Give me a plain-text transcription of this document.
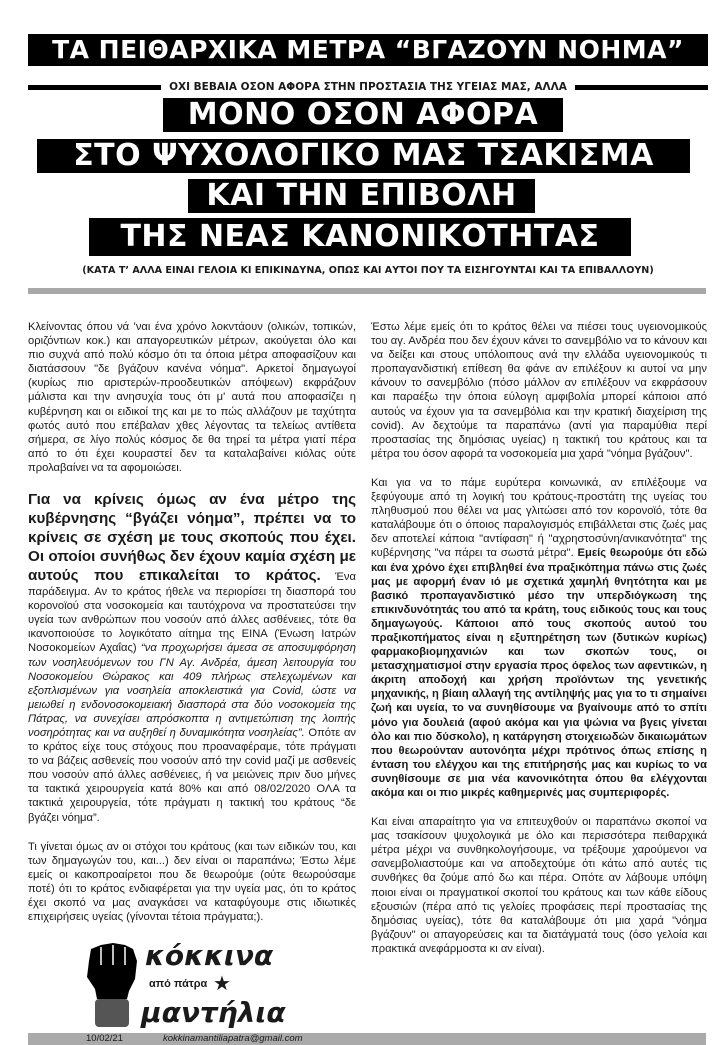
ΤΑ ΠΕΙΘΑΡΧΙΚΑ ΜΕΤΡΑ “ΒΓΑΖΟΥΝ ΝΟΗΜΑ”
ΟΧΙ ΒΕΒΑΙΑ ΟΣΟΝ ΑΦΟΡΑ ΣΤΗΝ ΠΡΟΣΤΑΣΙΑ ΤΗΣ ΥΓΕΙΑΣ ΜΑΣ, ΑΛΛΑ
ΜΟΝΟ ΟΣΟΝ ΑΦΟΡΑ
ΣΤΟ ΨΥΧΟΛΟΓΙΚΟ ΜΑΣ ΤΣΑΚΙΣΜΑ
ΚΑΙ ΤΗΝ ΕΠΙΒΟΛΗ
ΤΗΣ ΝΕΑΣ ΚΑΝΟΝΙΚΟΤΗΤΑΣ
(ΚΑΤΑ Τ’ ΑΛΛΑ ΕΙΝΑΙ ΓΕΛΟΙΑ ΚΙ ΕΠΙΚΙΝΔΥΝΑ, ΟΠΩΣ ΚΑΙ ΑΥΤΟΙ ΠΟΥ ΤΑ ΕΙΣΗΓΟΥΝΤΑΙ ΚΑΙ ΤΑ ΕΠΙΒΑΛΛΟΥΝ)

Κλείνοντας όπου νά 'ναι ένα χρόνο λοκντάουν (ολικών, τοπικών, οριζόντιων κοκ.) και απαγορευτικών μέτρων, ακούγεται όλο και πιο συχνά από πολύ κόσμο ότι τα όποια μέτρα αποφασίζουν και διατάσσουν "δε βγάζουν κανένα νόημα". Αρκετοί δημαγωγοί (κυρίως πιο αριστερών-προοδευτικών απόψεων) εκφράζουν μάλιστα και την ανησυχία τους ότι μ' αυτά που αποφασίζει η κυβέρνηση και οι ειδικοί της και με το πώς αλλάζουν με ταχύτητα φωτός αυτό που επέβαλαν χθες λέγοντας τα τελείως αντίθετα σήμερα, σε λίγο πολύς κόσμος δε θα τηρεί τα μέτρα γιατί πέρα από το ότι έχει κουραστεί δεν τα καταλαβαίνει κιόλας ούτε προλαβαίνει να τα αφομοιώσει.

Για να κρίνεις όμως αν ένα μέτρο της κυβέρνησης “βγάζει νόημα”, πρέπει να το κρίνεις σε σχέση με τους σκοπούς που έχει. Οι οποίοι συνήθως δεν έχουν καμία σχέση με αυτούς που επικαλείται το κράτος. Ένα παράδειγμα. Αν το κράτος ήθελε να περιορίσει τη διασπορά του κορονοϊού στα νοσοκομεία και ταυτόχρονα να προστατεύσει την υγεία των ανθρώπων που νοσούν από άλλες ασθένειες, τότε θα ικανοποιούσε το λογικότατο αίτημα της ΕΙΝΑ (Ένωση Ιατρών Νοσοκομείων Αχαΐας) “να προχωρήσει άμεσα σε αποσυμφόρηση των νοσηλευόμενων του ΓΝ Αγ. Ανδρέα, άμεση λειτουργία του Νοσοκομείου Θώρακος και 409 πλήρως στελεχωμένων και εξοπλισμένων για νοσηλεία αποκλειστικά για Covid, ώστε να μειωθεί η ενδονοσοκομειακή διασπορά στα δύο νοσοκομεία της Πάτρας, να συνεχίσει απρόσκοπτα η αντιμετώπιση της λοιπής νοσηρότητας και να αυξηθεί η δυναμικότητα νοσηλείας”. Οπότε αν το κράτος είχε τους στόχους που προαναφέραμε, τότε πράγματι το να βάζεις ασθενείς που νοσούν από την covid μαζί με ασθενείς που νοσούν από άλλες ασθένειες, ή να μειώνεις πριν δυο μήνες τα τακτικά χειρουργεία κατά 80% και από 08/02/2020 ΟΛΑ τα τακτικά χειρουργεία, τότε πράγματι η τακτική του κράτους “δε βγάζει νόημα”.

Τι γίνεται όμως αν οι στόχοι του κράτους (και των ειδικών του, και των δημαγωγών του, και...) δεν είναι οι παραπάνω; Έστω λέμε εμείς οι κακοπροαίρετοι που δε θεωρούμε (ούτε θεωρούσαμε ποτέ) ότι το κράτος ενδιαφέρεται για την υγεία μας, ότι το κράτος έχει σκοπό να μας αναγκάσει να καταφύγουμε στις ιδιωτικές επιχειρήσεις υγείας (γίνονται τέτοια πράγματα;).

κόκκινα
από πάτρα ★
μαντήλια

Έστω λέμε εμείς ότι το κράτος θέλει να πιέσει τους υγειονομικούς του αγ. Ανδρέα που δεν έχουν κάνει το σανεμβόλιο να το κάνουν και να δείξει και στους υπόλοιπους ανά την ελλάδα υγειονομικούς τι προπαγανδιστική επίθεση θα φάνε αν επιλέξουν κι αυτοί να μην κάνουν το σανεμβόλιο (πόσο μάλλον αν επιλέξουν να εκφράσουν και παραέξω την όποια εύλογη αμφιβολία μπορεί κάποιοι από αυτούς να έχουν για τα σανεμβόλια και την κρατική διαχείριση της covid). Αν δεχτούμε τα παραπάνω (αντί για παραμύθια περί προστασίας της δημόσιας υγείας) η τακτική του κράτους και τα μέτρα του όσον αφορά τα νοσοκομεία μια χαρά "νόημα βγάζουν".

Και για να το πάμε ευρύτερα κοινωνικά, αν επιλέξουμε να ξεφύγουμε από τη λογική του κράτους-προστάτη της υγείας του πληθυσμού που θέλει να μας γλιτώσει από τον κορονοϊό, τότε θα καταλάβουμε ότι ο όποιος παραλογισμός επιβάλλεται στις ζωές μας δεν αποτελεί κάποια "αντίφαση" ή "αχρηστοσύνη/ανικανότητα" της κυβέρνησης "να πάρει τα σωστά μέτρα". Εμείς θεωρούμε ότι εδώ και ένα χρόνο έχει επιβληθεί ένα πραξικόπημα πάνω στις ζωές μας με αφορμή έναν ιό με σχετικά χαμηλή θνητότητα και με βασικό προπαγανδιστικό μέσο την υπερδιόγκωση της επικινδυνότητάς του από τα κράτη, τους ειδικούς τους και τους δημαγωγούς. Κάποιοι από τους σκοπούς αυτού του πραξικοπήματος είναι η εξυπηρέτηση των (δυτικών κυρίως) φαρμακοβιομηχανιών και των σκοπών τους, οι μετασχηματισμοί στην εργασία προς όφελος των αφεντικών, η άκριτη αποδοχή και χρήση προϊόντων της γενετικής μηχανικής, η βίαιη αλλαγή της αντίληψής μας για το τι σημαίνει ζωή και υγεία, το να συνηθίσουμε να βγαίνουμε από το σπίτι μόνο για δουλειά (αφού ακόμα και για ψώνια να βγεις γίνεται όλο και πιο δύσκολο), η κατάργηση στοιχειωδών δικαιωμάτων που θεωρούνταν αυτονόητα μέχρι πρότινος όπως επίσης η ένταση του ελέγχου και της επιτήρησής μας και κυρίως το να συνηθίσουμε σε μια νέα κανονικότητα όπου θα ελέγχονται ακόμα και οι πιο μικρές καθημερινές μας συμπεριφορές.

Και είναι απαραίτητο για να επιτευχθούν οι παραπάνω σκοποί να μας τσακίσουν ψυχολογικά με όλο και περισσότερα πειθαρχικά μέτρα μέχρι να συνθηκολογήσουμε, να τρέξουμε χαρούμενοι να σανεμβολιαστούμε και να αποδεχτούμε ότι κάτω από αυτές τις συνθήκες θα ζούμε από δω και πέρα. Οπότε αν λάβουμε υπόψη ποιοι είναι οι πραγματικοί σκοποί του κράτους και των κάθε είδους εξουσιών (πέρα από τις γελοίες προφάσεις περί προστασίας της δημόσιας υγείας), τότε θα καταλάβουμε ότι μια χαρά "νόημα βγάζουν" οι απαγορεύσεις και τα διατάγματά τους (όσο γελοία και πρακτικά ανεφάρμοστα κι αν είναι).

10/02/21	kokkinamantiliapatra@gmail.com
